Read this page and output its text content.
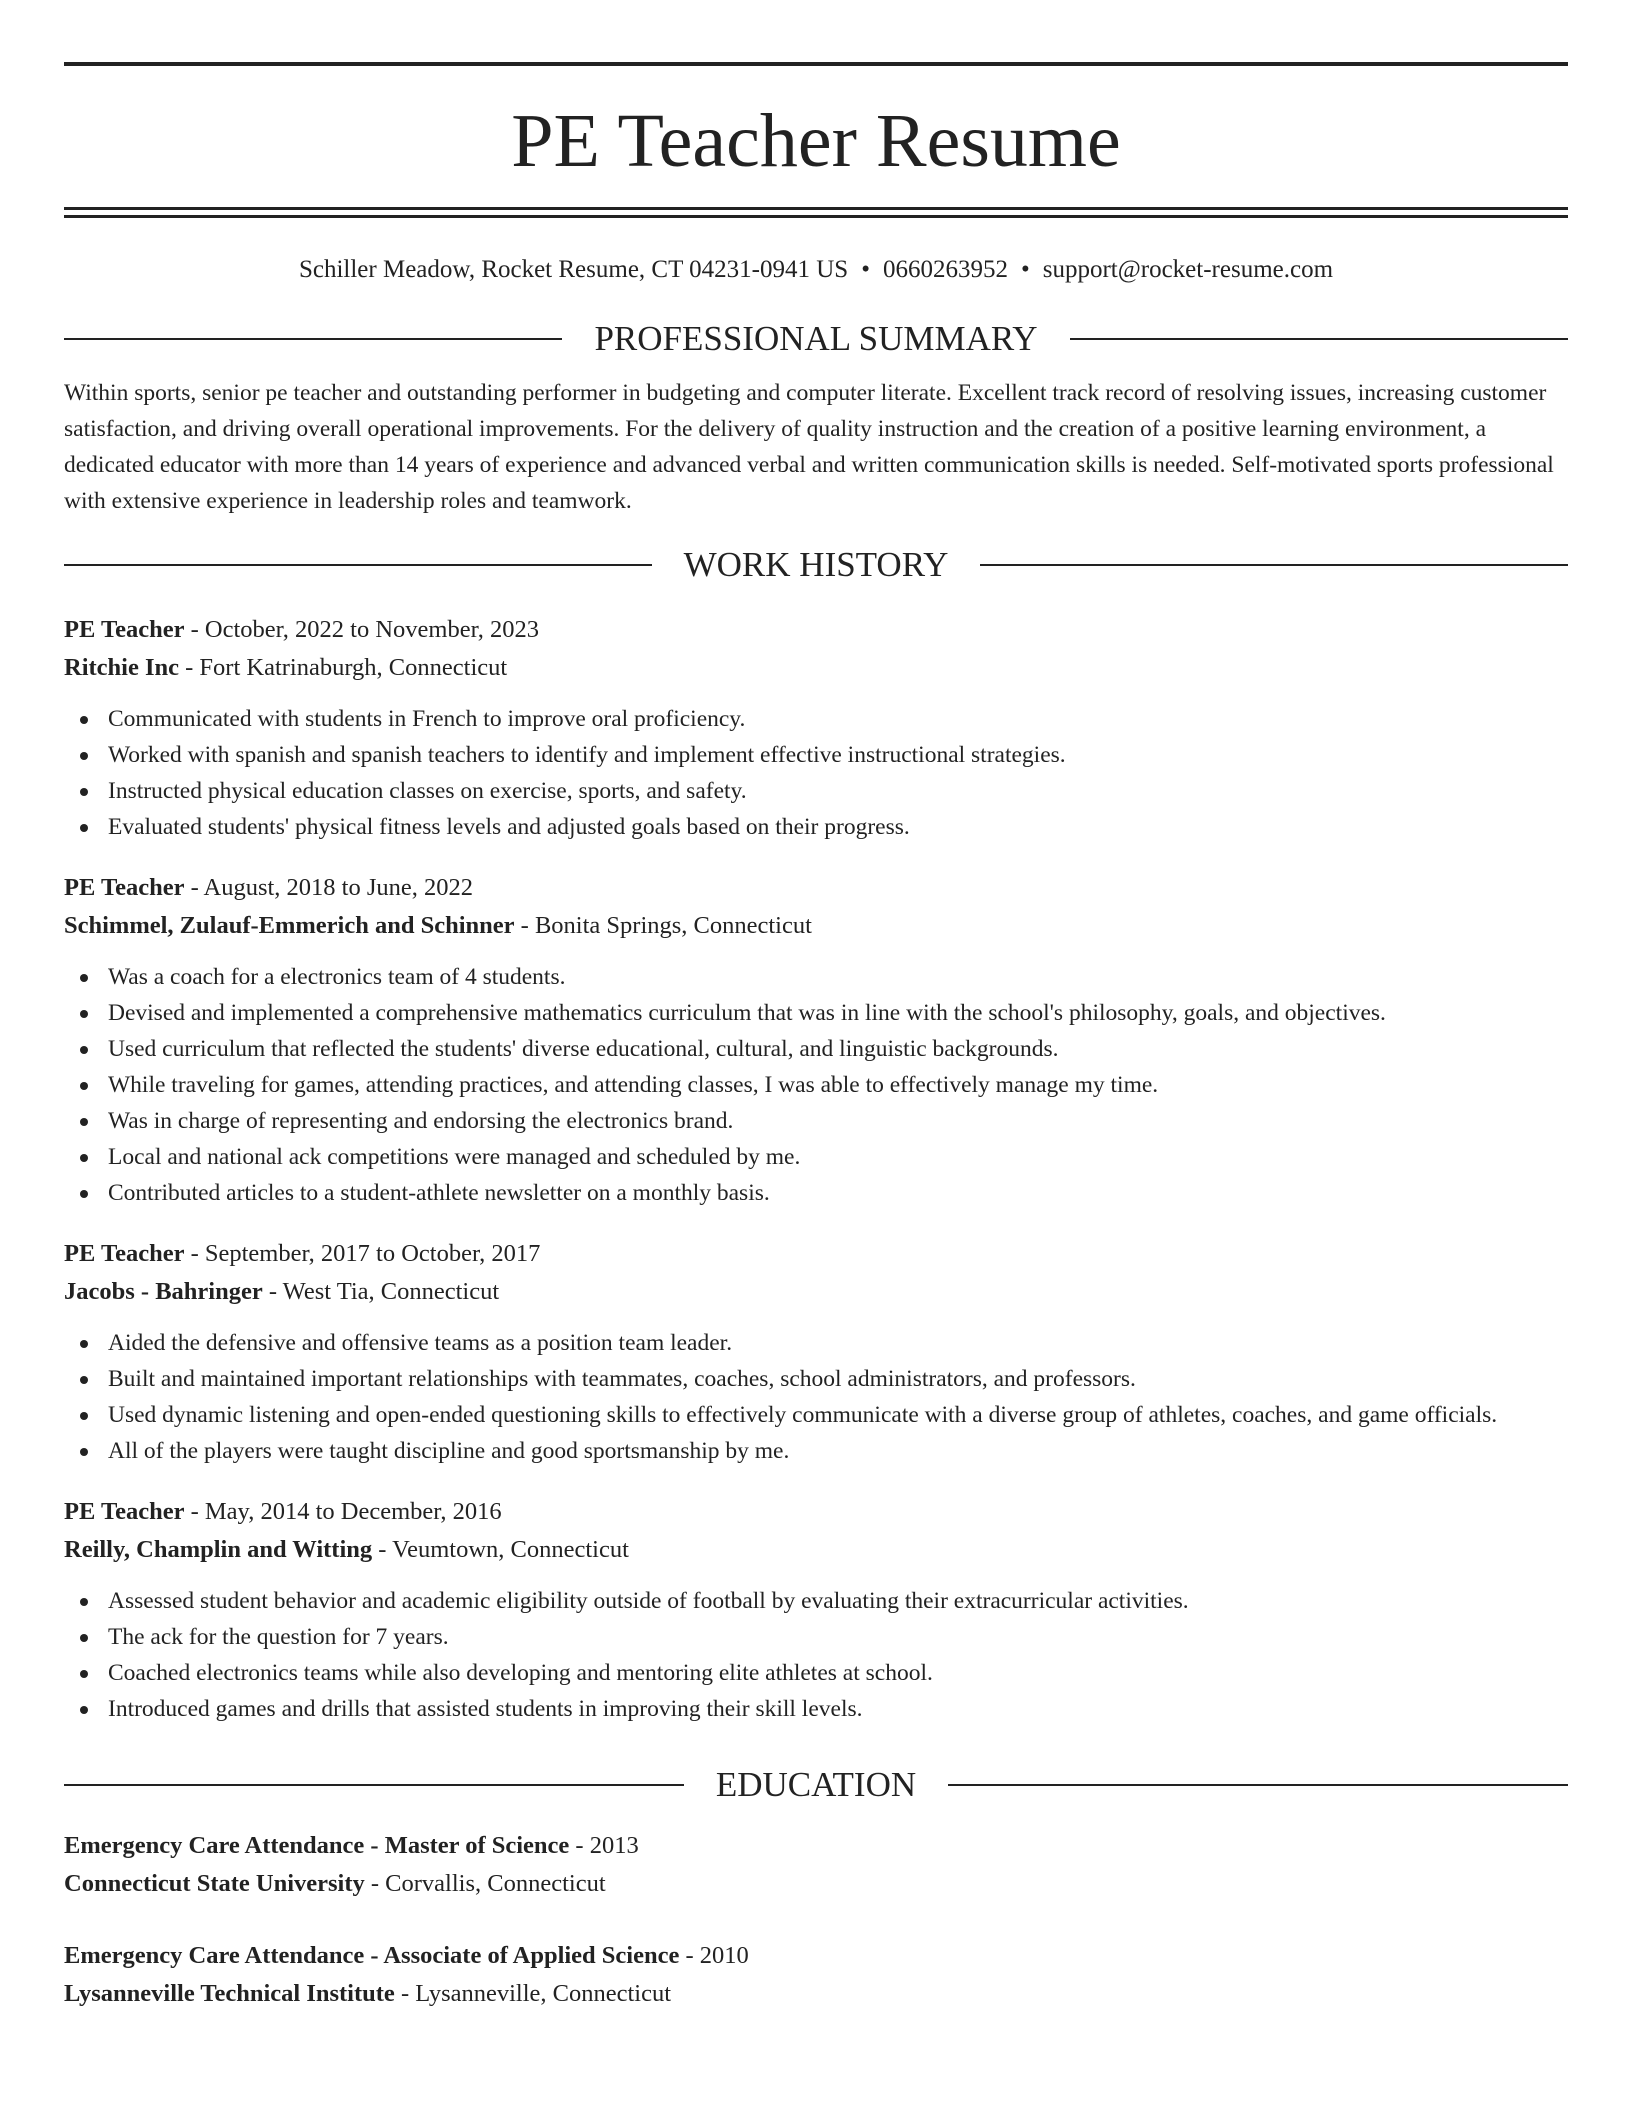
PE Teacher Resume
Schiller Meadow, Rocket Resume, CT 04231-0941 US • 0660263952 • support@rocket-resume.com
PROFESSIONAL SUMMARY
Within sports, senior pe teacher and outstanding performer in budgeting and computer literate. Excellent track record of resolving issues, increasing customer satisfaction, and driving overall operational improvements. For the delivery of quality instruction and the creation of a positive learning environment, a dedicated educator with more than 14 years of experience and advanced verbal and written communication skills is needed. Self-motivated sports professional with extensive experience in leadership roles and teamwork.
WORK HISTORY
PE Teacher - October, 2022 to November, 2023
Ritchie Inc - Fort Katrinaburgh, Connecticut
Communicated with students in French to improve oral proficiency.
Worked with spanish and spanish teachers to identify and implement effective instructional strategies.
Instructed physical education classes on exercise, sports, and safety.
Evaluated students' physical fitness levels and adjusted goals based on their progress.
PE Teacher - August, 2018 to June, 2022
Schimmel, Zulauf-Emmerich and Schinner - Bonita Springs, Connecticut
Was a coach for a electronics team of 4 students.
Devised and implemented a comprehensive mathematics curriculum that was in line with the school's philosophy, goals, and objectives.
Used curriculum that reflected the students' diverse educational, cultural, and linguistic backgrounds.
While traveling for games, attending practices, and attending classes, I was able to effectively manage my time.
Was in charge of representing and endorsing the electronics brand.
Local and national ack competitions were managed and scheduled by me.
Contributed articles to a student-athlete newsletter on a monthly basis.
PE Teacher - September, 2017 to October, 2017
Jacobs - Bahringer - West Tia, Connecticut
Aided the defensive and offensive teams as a position team leader.
Built and maintained important relationships with teammates, coaches, school administrators, and professors.
Used dynamic listening and open-ended questioning skills to effectively communicate with a diverse group of athletes, coaches, and game officials.
All of the players were taught discipline and good sportsmanship by me.
PE Teacher - May, 2014 to December, 2016
Reilly, Champlin and Witting - Veumtown, Connecticut
Assessed student behavior and academic eligibility outside of football by evaluating their extracurricular activities.
The ack for the question for 7 years.
Coached electronics teams while also developing and mentoring elite athletes at school.
Introduced games and drills that assisted students in improving their skill levels.
EDUCATION
Emergency Care Attendance - Master of Science - 2013
Connecticut State University - Corvallis, Connecticut
Emergency Care Attendance - Associate of Applied Science - 2010
Lysanneville Technical Institute - Lysanneville, Connecticut
